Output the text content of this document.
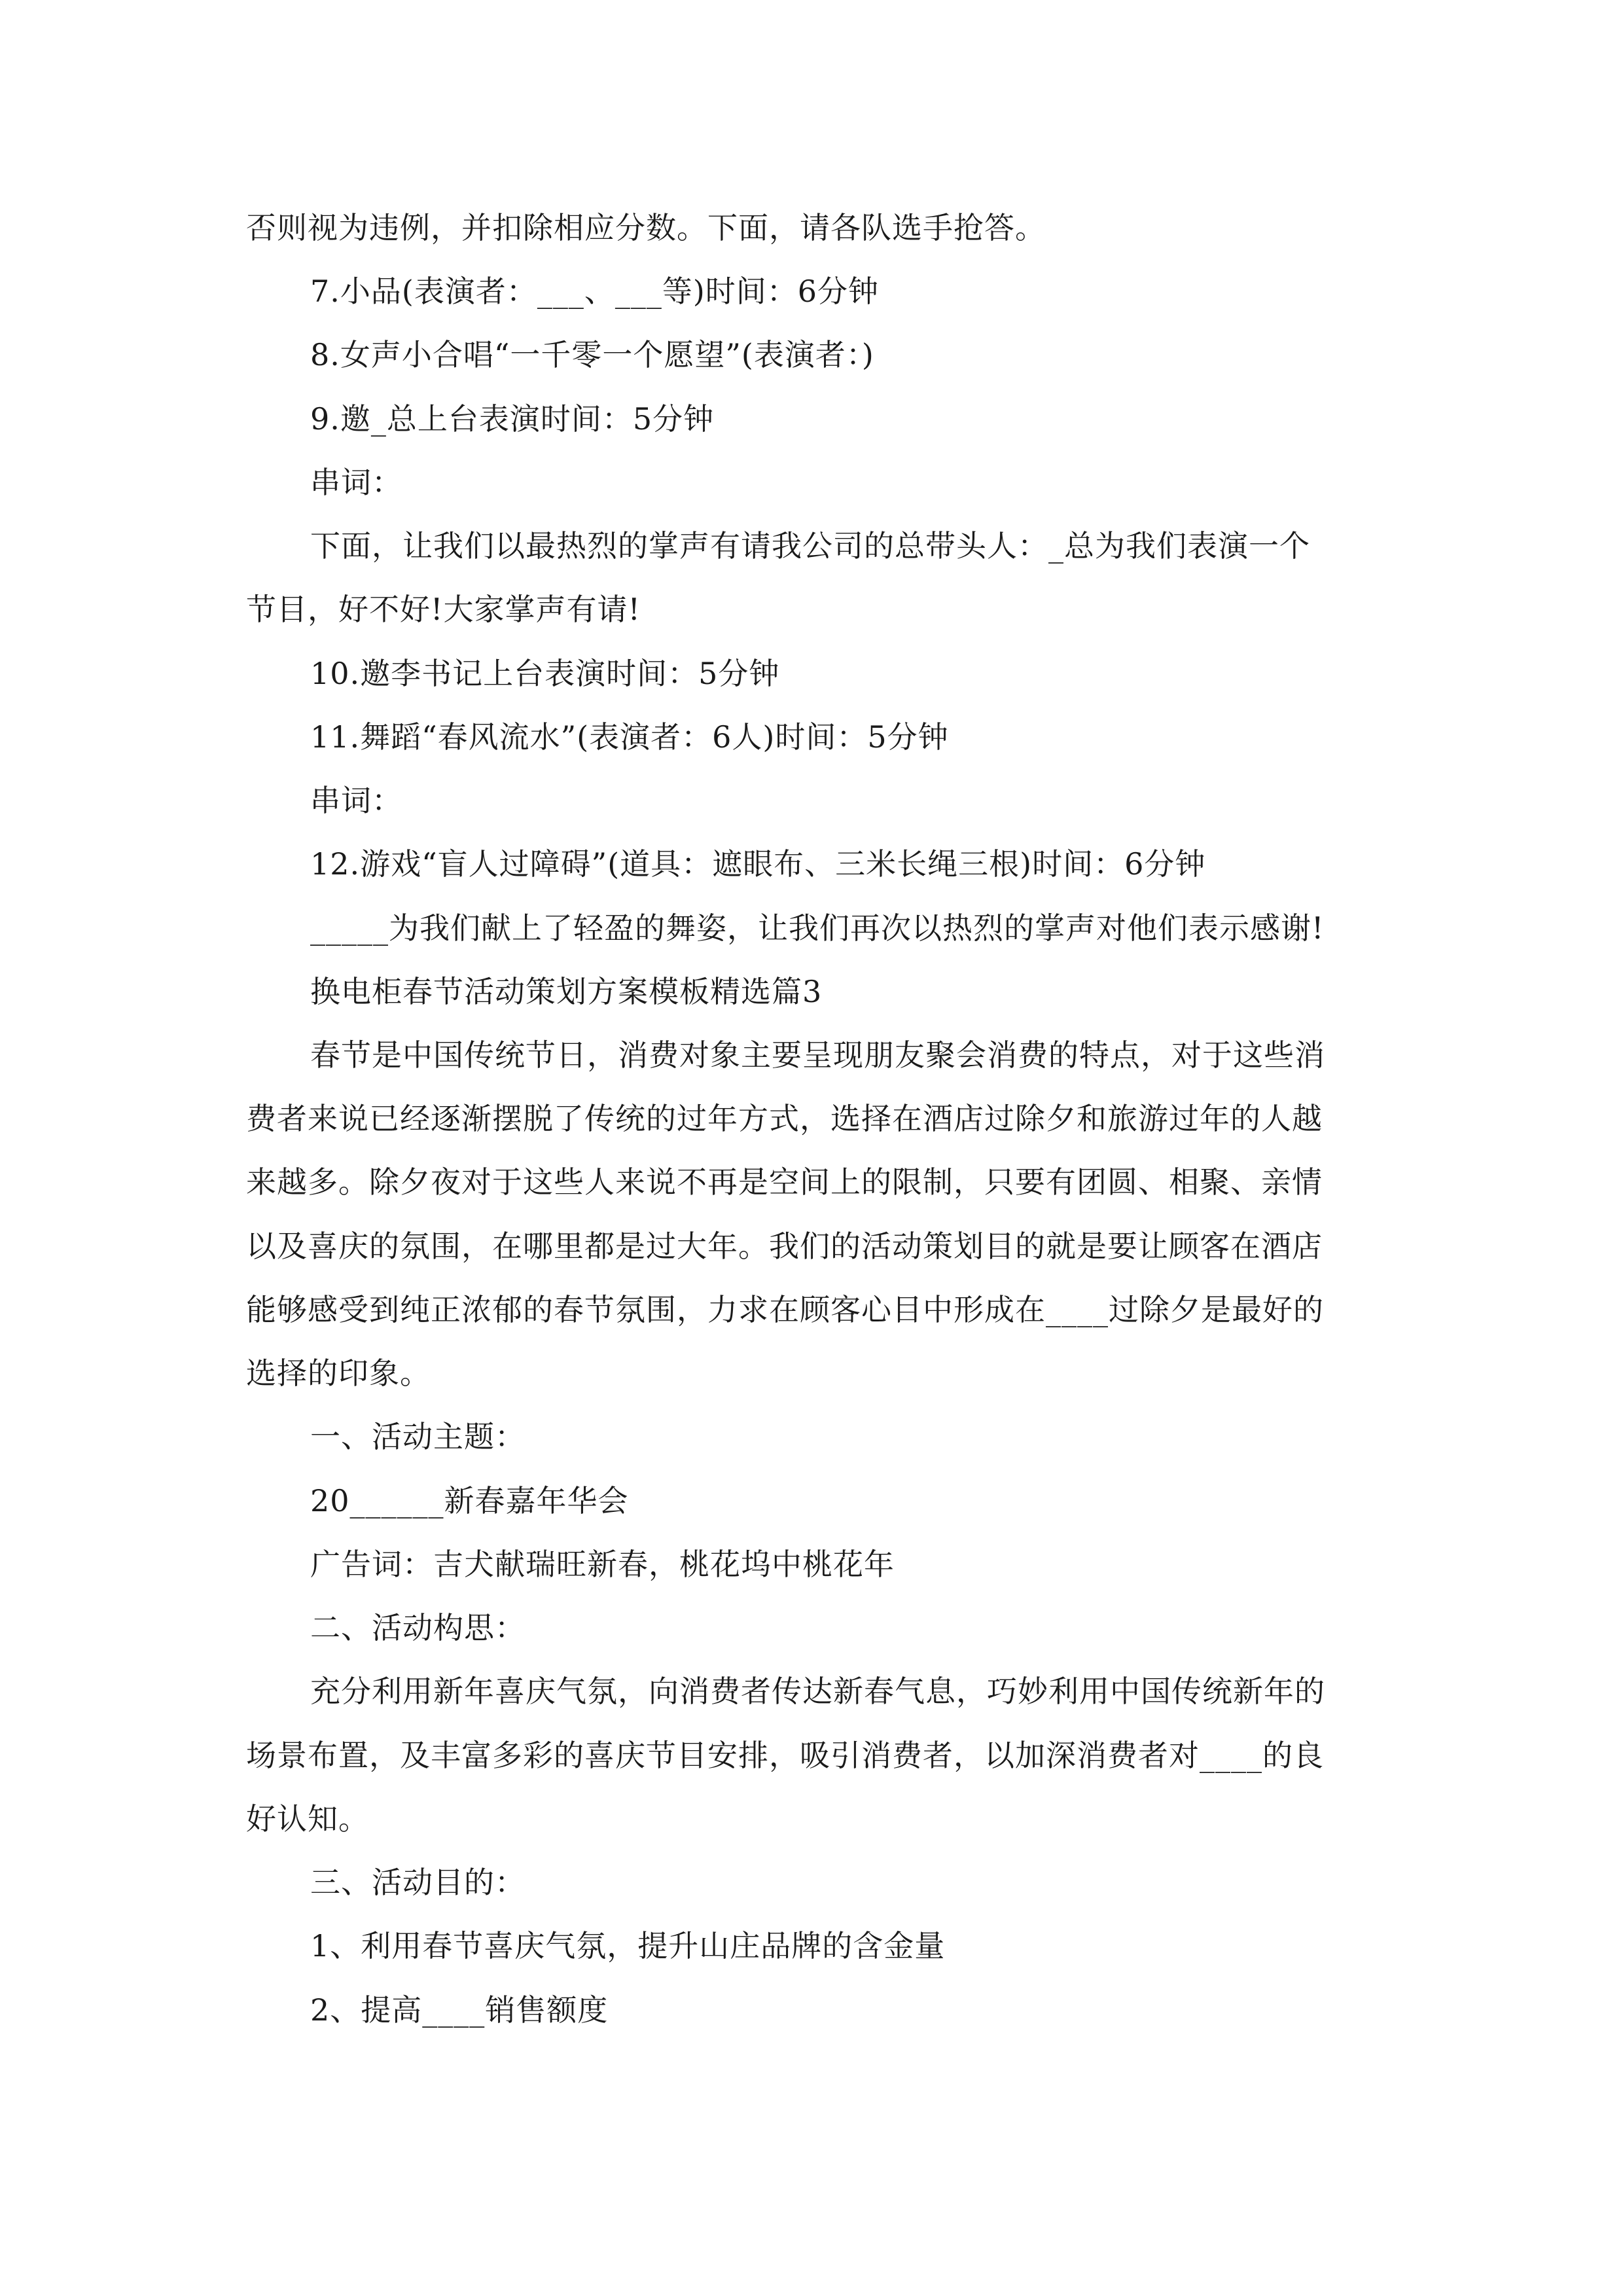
否则视为违例，并扣除相应分数。下面，请各队选手抢答。
7.小品(表演者：___、___等)时间：6分钟
8.女声小合唱“一千零一个愿望”(表演者：)
9.邀_总上台表演时间：5分钟
串词：
下面，让我们以最热烈的掌声有请我公司的总带头人：_总为我们表演一个
节目，好不好!大家掌声有请!
10.邀李书记上台表演时间：5分钟
11.舞蹈“春风流水”(表演者：6人)时间：5分钟
串词：
12.游戏“盲人过障碍”(道具：遮眼布、三米长绳三根)时间：6分钟
_____为我们献上了轻盈的舞姿，让我们再次以热烈的掌声对他们表示感谢!
换电柜春节活动策划方案模板精选篇3
春节是中国传统节日，消费对象主要呈现朋友聚会消费的特点，对于这些消
费者来说已经逐渐摆脱了传统的过年方式，选择在酒店过除夕和旅游过年的人越
来越多。除夕夜对于这些人来说不再是空间上的限制，只要有团圆、相聚、亲情
以及喜庆的氛围，在哪里都是过大年。我们的活动策划目的就是要让顾客在酒店
能够感受到纯正浓郁的春节氛围，力求在顾客心目中形成在____过除夕是最好的
选择的印象。
一、活动主题：
20______新春嘉年华会
广告词：吉犬献瑞旺新春，桃花坞中桃花年
二、活动构思：
充分利用新年喜庆气氛，向消费者传达新春气息，巧妙利用中国传统新年的
场景布置，及丰富多彩的喜庆节目安排，吸引消费者，以加深消费者对____的良
好认知。
三、活动目的：
1、利用春节喜庆气氛，提升山庄品牌的含金量
2、提高____销售额度
